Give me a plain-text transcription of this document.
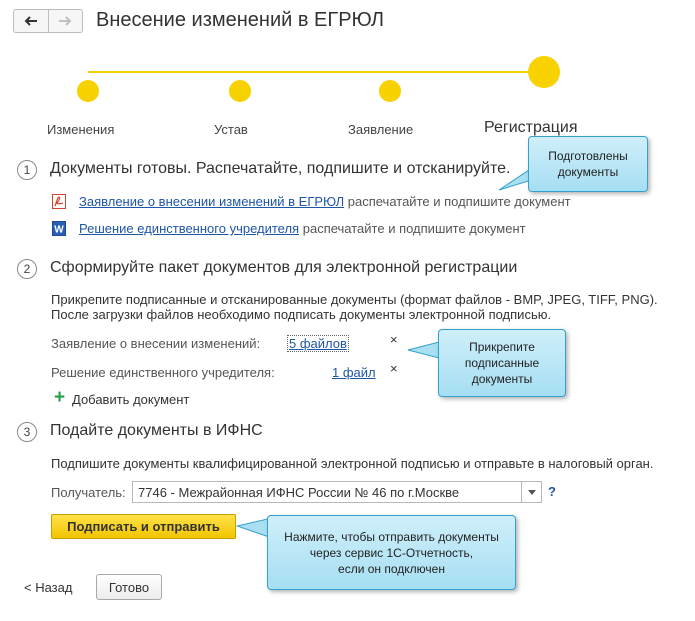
Внесение изменений в ЕГРЮЛ
Изменения	Устав	Заявление	Регистрация
1	Документы готовы. Распечатайте, подпишите и отсканируйте.
Заявление о внесении изменений в ЕГРЮЛ распечатайте и подпишите документ
W Решение единственного учредителя распечатайте и подпишите документ
2	Сформируйте пакет документов для электронной регистрации
Прикрепите подписанные и отсканированные документы (формат файлов - BMP, JPEG, TIFF, PNG).
После загрузки файлов необходимо подписать документы электронной подписью.
Заявление о внесении изменений: 5 файлов	×
Решение единственного учредителя:	1 файл ×
+ Добавить документ
3	Подайте документы в ИФНС
Подпишите документы квалифицированной электронной подписью и отправьте в налоговый орган.
Получатель: 7746 - Межрайонная ИФНС России № 46 по г.Москве	?
Подписать и отправить
< Назад	Готово
Подготовлены
документы
Прикрепите
подписанные
документы
Нажмите, чтобы отправить документы
через сервис 1С-Отчетность,
если он подключен
